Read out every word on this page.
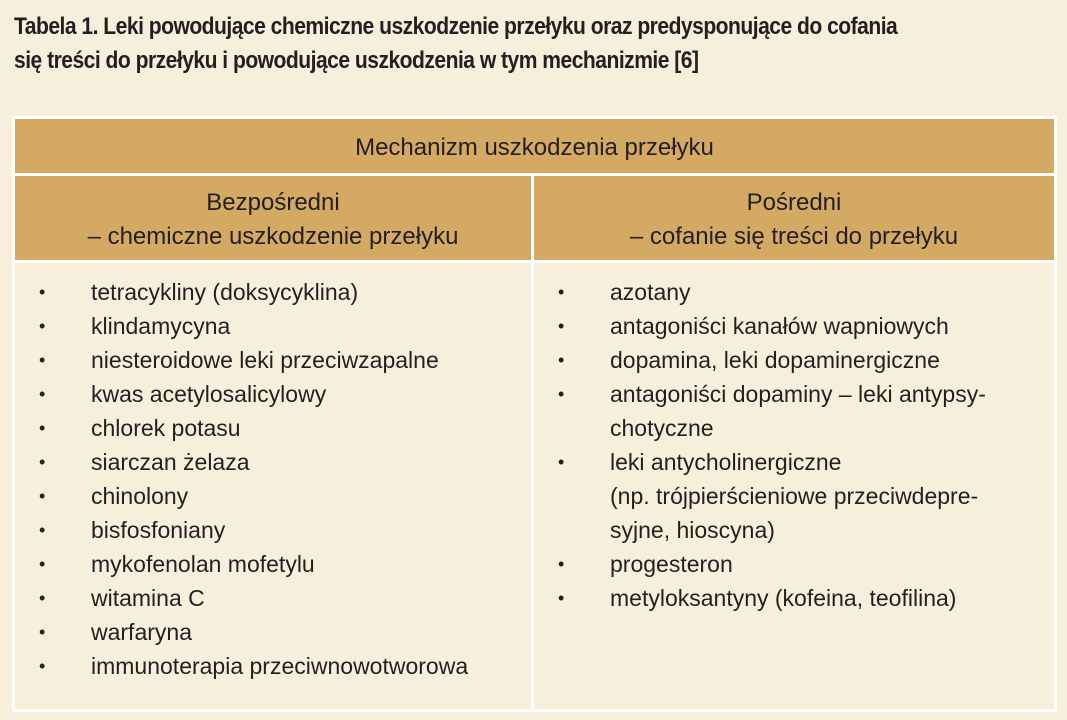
Tabela 1. Leki powodujące chemiczne uszkodzenie przełyku oraz predysponujące do cofania
się treści do przełyku i powodujące uszkodzenia w tym mechanizmie [6]
Mechanizm uszkodzenia przełyku
Bezpośredni
– chemiczne uszkodzenie przełyku
Pośredni
– cofanie się treści do przełyku
• tetracykliny (doksycyklina)
• klindamycyna
• niesteroidowe leki przeciwzapalne
• kwas acetylosalicylowy
• chlorek potasu
• siarczan żelaza
• chinolony
• bisfosfoniany
• mykofenolan mofetylu
• witamina C
• warfaryna
• immunoterapia przeciwnowotworowa
• azotany
• antagoniści kanałów wapniowych
• dopamina, leki dopaminergiczne
• antagoniści dopaminy – leki antypsy-
chotyczne
• leki antycholinergiczne
(np. trójpierścieniowe przeciwdepre-
syjne, hioscyna)
• progesteron
• metyloksantyny (kofeina, teofilina)
